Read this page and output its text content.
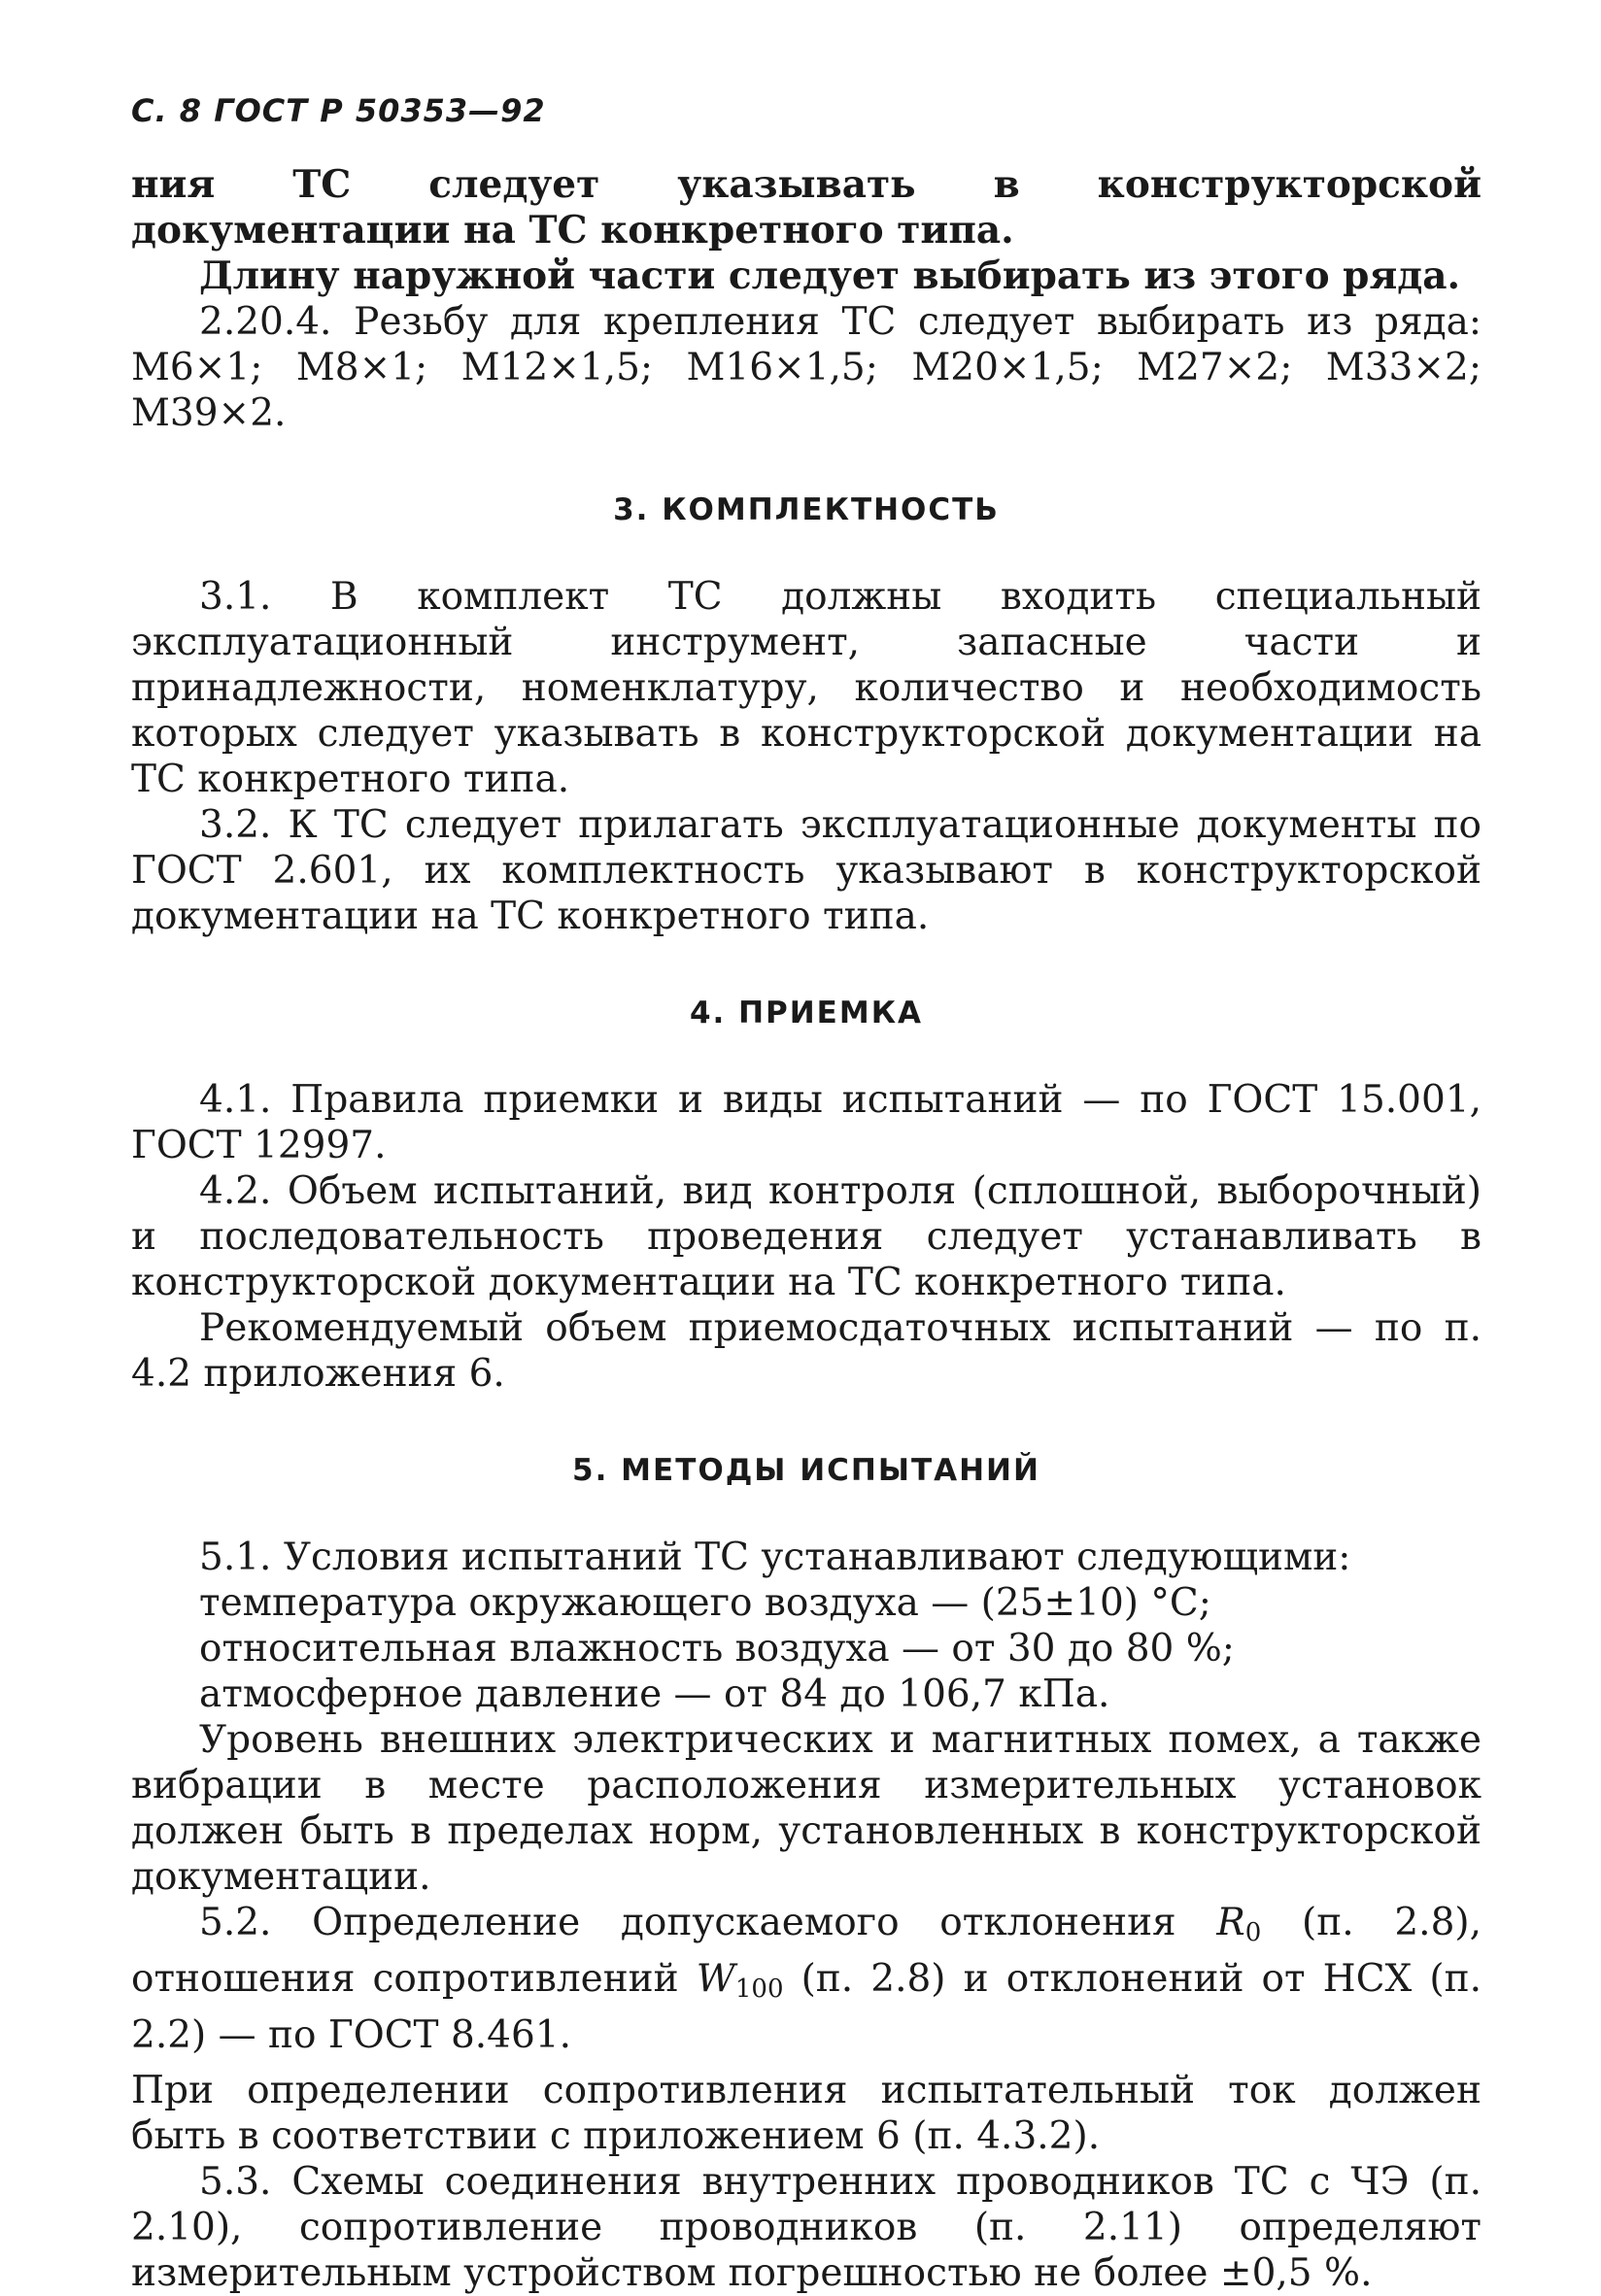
С. 8 ГОСТ Р 50353—92

ния ТС следует указывать в конструкторской документации на ТС конкретного типа.

Длину наружной части следует выбирать из этого ряда.

2.20.4. Резьбу для крепления ТС следует выбирать из ряда: М6×1; М8×1; М12×1,5; М16×1,5; М20×1,5; М27×2; М33×2; М39×2.

3. КОМПЛЕКТНОСТЬ

3.1. В комплект ТС должны входить специальный эксплуатационный инструмент, запасные части и принадлежности, номенклатуру, количество и необходимость которых следует указывать в конструкторской документации на ТС конкретного типа.

3.2. К ТС следует прилагать эксплуатационные документы по ГОСТ 2.601, их комплектность указывают в конструкторской документации на ТС конкретного типа.

4. ПРИЕМКА

4.1. Правила приемки и виды испытаний — по ГОСТ 15.001, ГОСТ 12997.

4.2. Объем испытаний, вид контроля (сплошной, выборочный) и последовательность проведения следует устанавливать в конструкторской документации на ТС конкретного типа.

Рекомендуемый объем приемосдаточных испытаний — по п. 4.2 приложения 6.

5. МЕТОДЫ ИСПЫТАНИЙ

5.1. Условия испытаний ТС устанавливают следующими:

температура окружающего воздуха — (25±10) °С;

относительная влажность воздуха — от 30 до 80 %;

атмосферное давление — от 84 до 106,7 кПа.

Уровень внешних электрических и магнитных помех, а также вибрации в месте расположения измерительных установок должен быть в пределах норм, установленных в конструкторской документации.

5.2. Определение допускаемого отклонения $R_0$ (п. 2.8), отношения сопротивлений $W_{100}$ (п. 2.8) и отклонений от НСХ (п. 2.2) — по ГОСТ 8.461.

При определении сопротивления испытательный ток должен быть в соответствии с приложением 6 (п. 4.3.2).

5.3. Схемы соединения внутренних проводников ТС с ЧЭ (п. 2.10), сопротивление проводников (п. 2.11) определяют измерительным устройством погрешностью не более ±0,5 %.
